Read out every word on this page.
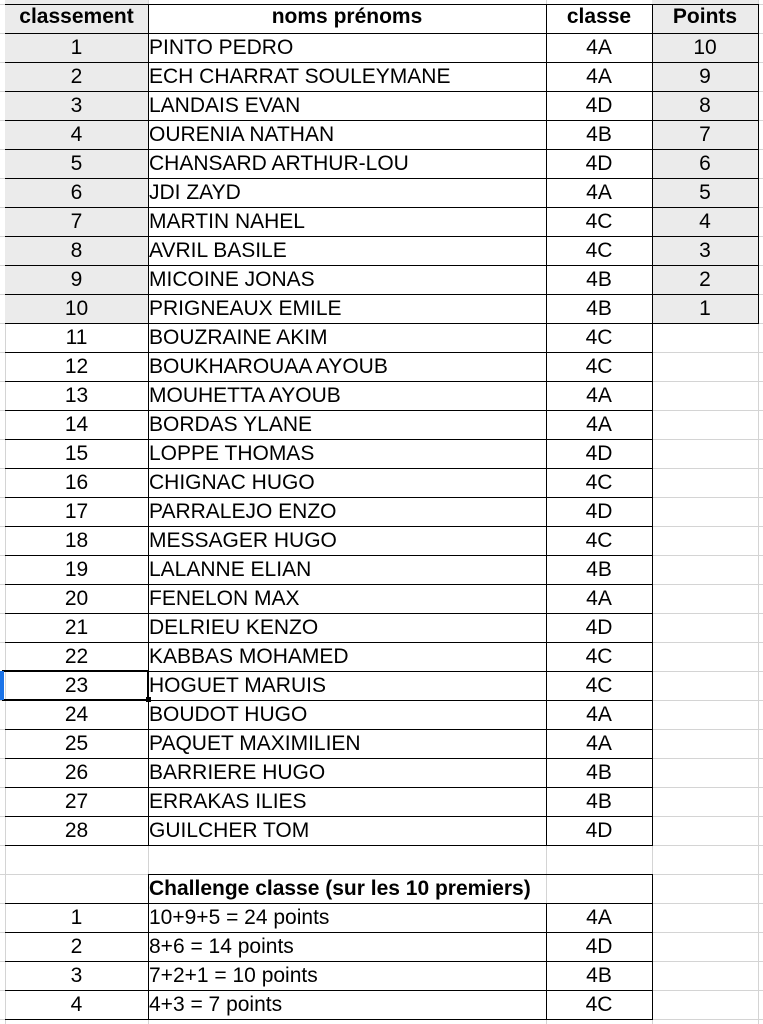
classement	noms prénoms	classe	Points
1	PINTO PEDRO	4A	10
2	ECH CHARRAT SOULEYMANE	4A	9
3	LANDAIS EVAN	4D	8
4	OURENIA NATHAN	4B	7
5	CHANSARD ARTHUR-LOU	4D	6
6	JDI ZAYD	4A	5
7	MARTIN NAHEL	4C	4
8	AVRIL BASILE	4C	3
9	MICOINE JONAS	4B	2
10	PRIGNEAUX EMILE	4B	1
11	BOUZRAINE AKIM	4C
12	BOUKHAROUAA AYOUB	4C
13	MOUHETTA AYOUB	4A
14	BORDAS YLANE	4A
15	LOPPE THOMAS	4D
16	CHIGNAC HUGO	4C
17	PARRALEJO ENZO	4D
18	MESSAGER HUGO	4C
19	LALANNE ELIAN	4B
20	FENELON MAX	4A
21	DELRIEU KENZO	4D
22	KABBAS MOHAMED	4C
23	HOGUET MARUIS	4C
24	BOUDOT HUGO	4A
25	PAQUET MAXIMILIEN	4A
26	BARRIERE HUGO	4B
27	ERRAKAS ILIES	4B
28	GUILCHER TOM	4D
Challenge classe (sur les 10 premiers)
1	10+9+5 = 24 points	4A
2	8+6 = 14 points	4D
3	7+2+1 = 10 points	4B
4	4+3 = 7 points	4C
